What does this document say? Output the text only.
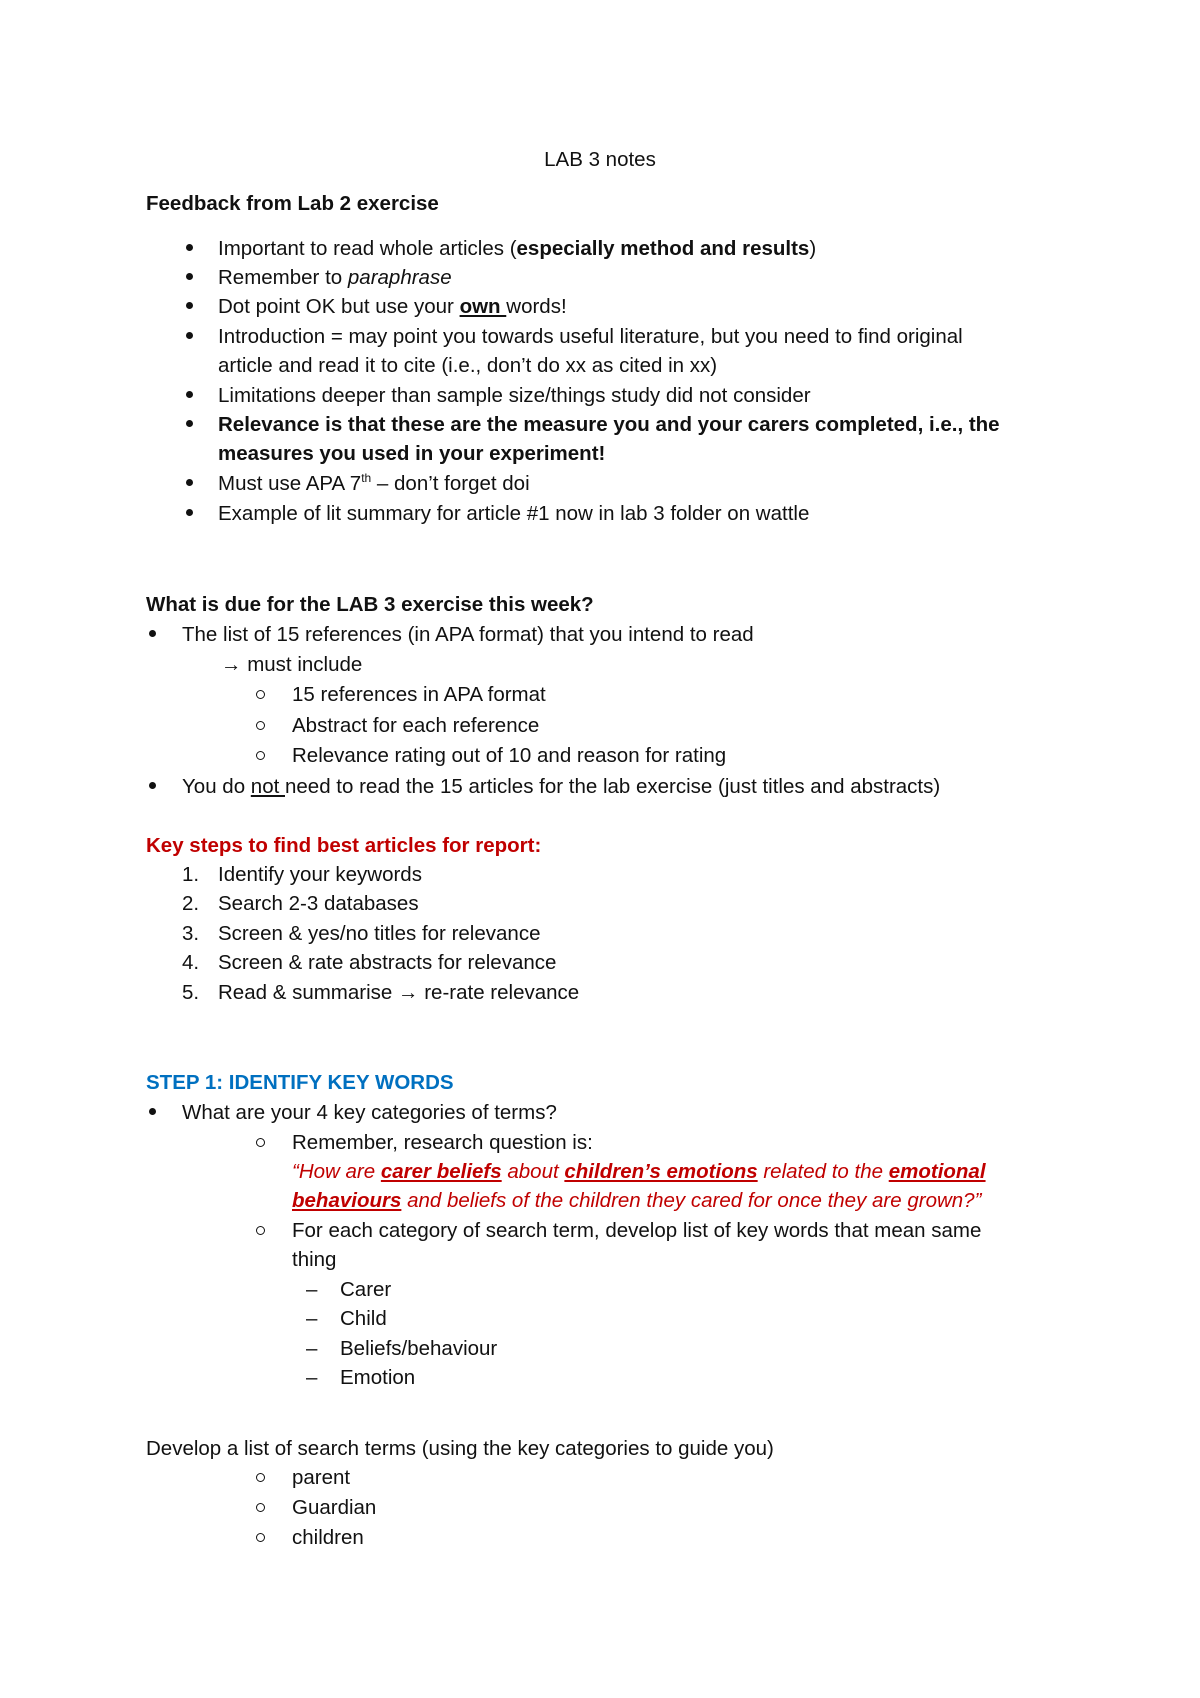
LAB 3 notes
Feedback from Lab 2 exercise
Important to read whole articles (especially method and results)
Remember to paraphrase
Dot point OK but use your own words!
Introduction = may point you towards useful literature, but you need to find original
article and read it to cite (i.e., don’t do xx as cited in xx)
Limitations deeper than sample size/things study did not consider
Relevance is that these are the measure you and your carers completed, i.e., the
measures you used in your experiment!
Must use APA 7th – don’t forget doi
Example of lit summary for article #1 now in lab 3 folder on wattle
What is due for the LAB 3 exercise this week?
The list of 15 references (in APA format) that you intend to read
→ must include
15 references in APA format
Abstract for each reference
Relevance rating out of 10 and reason for rating
You do not need to read the 15 articles for the lab exercise (just titles and abstracts)
Key steps to find best articles for report:
1. Identify your keywords
2. Search 2-3 databases
3. Screen & yes/no titles for relevance
4. Screen & rate abstracts for relevance
5. Read & summarise → re-rate relevance
STEP 1: IDENTIFY KEY WORDS
What are your 4 key categories of terms?
Remember, research question is:
“How are carer beliefs about children’s emotions related to the emotional
behaviours and beliefs of the children they cared for once they are grown?”
For each category of search term, develop list of key words that mean same
thing
– Carer
– Child
– Beliefs/behaviour
– Emotion
Develop a list of search terms (using the key categories to guide you)
parent
Guardian
children
